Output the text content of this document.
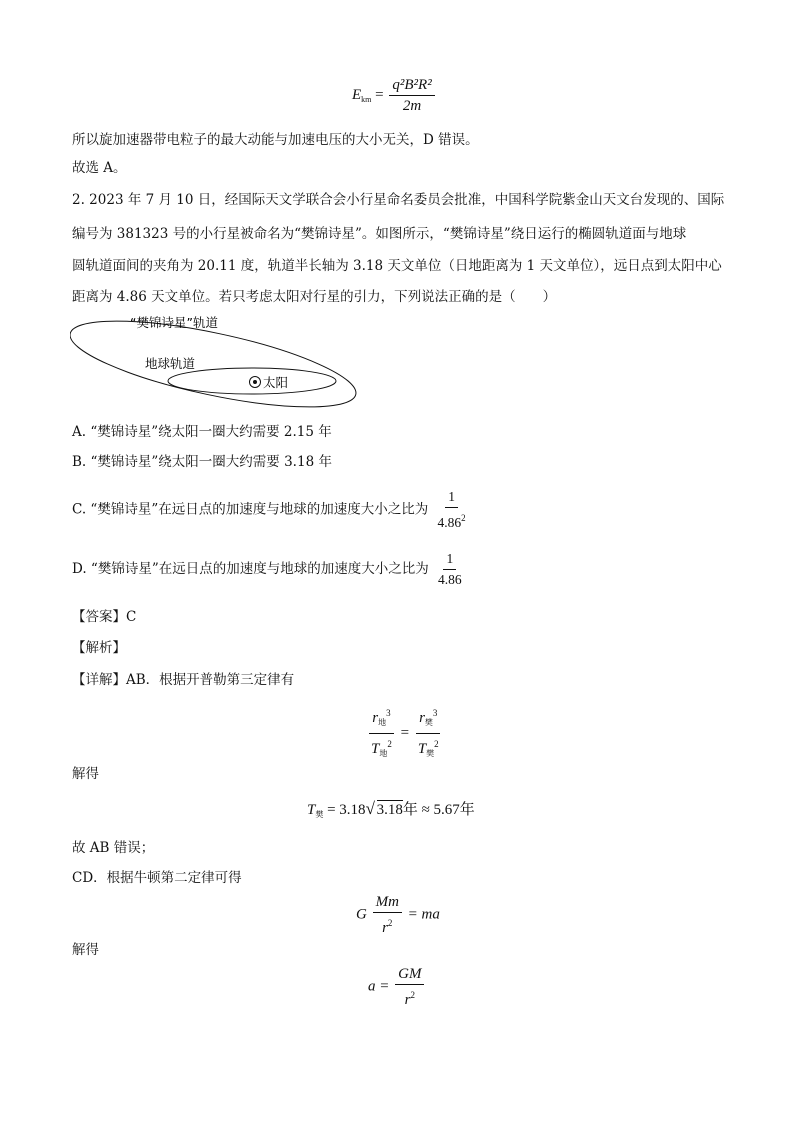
$E_{km} = \frac{\text{q²B²R²}}{2m}$
所以旋加速器带电粒子的最大动能与加速电压的大小无关，D 错误。
故选 A。
2. 2023 年 7 月 10 日，经国际天文学联合会小行星命名委员会批准，中国科学院紫金山天文台发现的、国际
编号为 381323 号的小行星被命名为“樊锦诗星”。如图所示，“樊锦诗星”绕日运行的椭圆轨道面与地球
圆轨道面间的夹角为 20.11 度，轨道半长轴为 3.18 天文单位（日地距离为 1 天文单位），远日点到太阳中心
距离为 4.86 天文单位。若只考虑太阳对行星的引力，下列说法正确的是（　　）
“樊锦诗星”轨道
地球轨道
太阳
A. “樊锦诗星”绕太阳一圈大约需要 2.15 年
B. “樊锦诗星”绕太阳一圈大约需要 3.18 年
C. “樊锦诗星”在远日点的加速度与地球的加速度大小之比为 $\frac{1}{4.86^2}$
D. “樊锦诗星”在远日点的加速度与地球的加速度大小之比为 $\frac{1}{4.86}$
【答案】C
【解析】
【详解】AB．根据开普勒第三定律有
$\frac{r_地^3}{T_地^2} = \frac{r_樊^3}{T_樊^2}$
解得
$T_樊 = 3.18$ √ 3.18年 ≈ 5.67年
故 AB 错误；
CD．根据牛顿第二定律可得
G $\frac{Mm}{r^2}$ = ma
解得
$a = \frac{GM}{r^2}$
